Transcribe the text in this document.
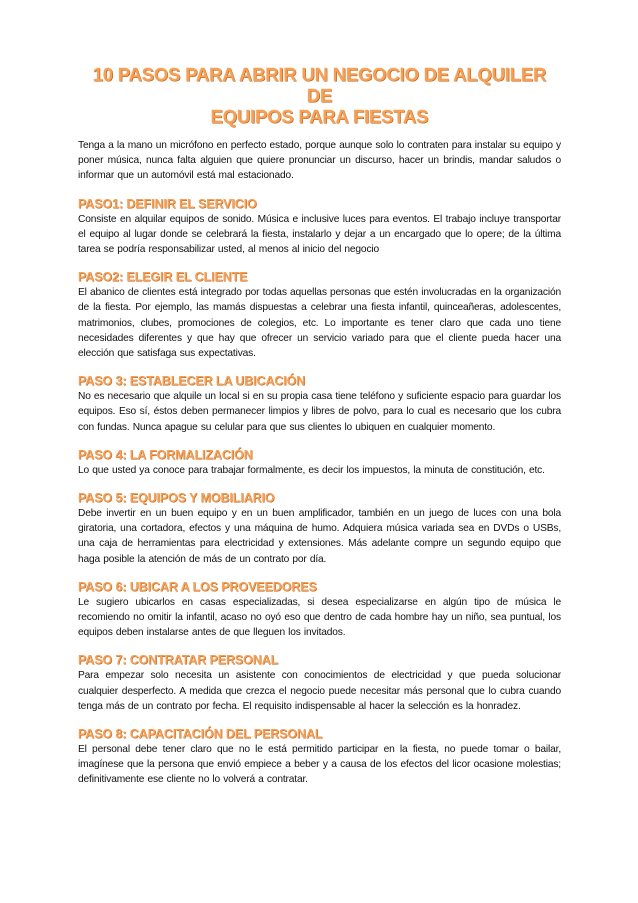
10 PASOS PARA ABRIR UN NEGOCIO DE ALQUILER DE
EQUIPOS PARA FIESTAS

Tenga a la mano un micrófono en perfecto estado, porque aunque solo lo contraten para instalar su equipo y poner música, nunca falta alguien que quiere pronunciar un discurso, hacer un brindis, mandar saludos o informar que un automóvil está mal estacionado.

PASO1: DEFINIR EL SERVICIO

Consiste en alquilar equipos de sonido. Música e inclusive luces para eventos. El trabajo incluye transportar el equipo al lugar donde se celebrará la fiesta, instalarlo y dejar a un encargado que lo opere; de la última tarea se podría responsabilizar usted, al menos al inicio del negocio

PASO2: ELEGIR EL CLIENTE

El abanico de clientes está integrado por todas aquellas personas que estén involucradas en la organización de la fiesta. Por ejemplo, las mamás dispuestas a celebrar una fiesta infantil, quinceañeras, adolescentes, matrimonios, clubes, promociones de colegios, etc. Lo importante es tener claro que cada uno tiene necesidades diferentes y que hay que ofrecer un servicio variado para que el cliente pueda hacer una elección que satisfaga sus expectativas.

PASO 3: ESTABLECER LA UBICACIÓN

No es necesario que alquile un local si en su propia casa tiene teléfono y suficiente espacio para guardar los equipos. Eso sí, éstos deben permanecer limpios y libres de polvo, para lo cual es necesario que los cubra con fundas. Nunca apague su celular para que sus clientes lo ubiquen en cualquier momento.

PASO 4: LA FORMALIZACIÓN

Lo que usted ya conoce para trabajar formalmente, es decir los impuestos, la minuta de constitución, etc.

PASO 5: EQUIPOS Y MOBILIARIO

Debe invertir en un buen equipo y en un buen amplificador, también en un juego de luces con una bola giratoria, una cortadora, efectos y una máquina de humo. Adquiera música variada sea en DVDs o USBs, una caja de herramientas para electricidad y extensiones. Más adelante compre un segundo equipo que haga posible la atención de más de un contrato por día.

PASO 6: UBICAR A LOS PROVEEDORES

Le sugiero ubicarlos en casas especializadas, si desea especializarse en algún tipo de música le recomiendo no omitir la infantil, acaso no oyó eso que dentro de cada hombre hay un niño, sea puntual, los equipos deben instalarse antes de que lleguen los invitados.

PASO 7: CONTRATAR PERSONAL

Para empezar solo necesita un asistente con conocimientos de electricidad y que pueda solucionar cualquier desperfecto. A medida que crezca el negocio puede necesitar más personal que lo cubra cuando tenga más de un contrato por fecha. El requisito indispensable al hacer la selección es la honradez.

PASO 8: CAPACITACIÓN DEL PERSONAL

El personal debe tener claro que no le está permitido participar en la fiesta, no puede tomar o bailar, imagínese que la persona que envió empiece a beber y a causa de los efectos del licor ocasione molestias; definitivamente ese cliente no lo volverá a contratar.
